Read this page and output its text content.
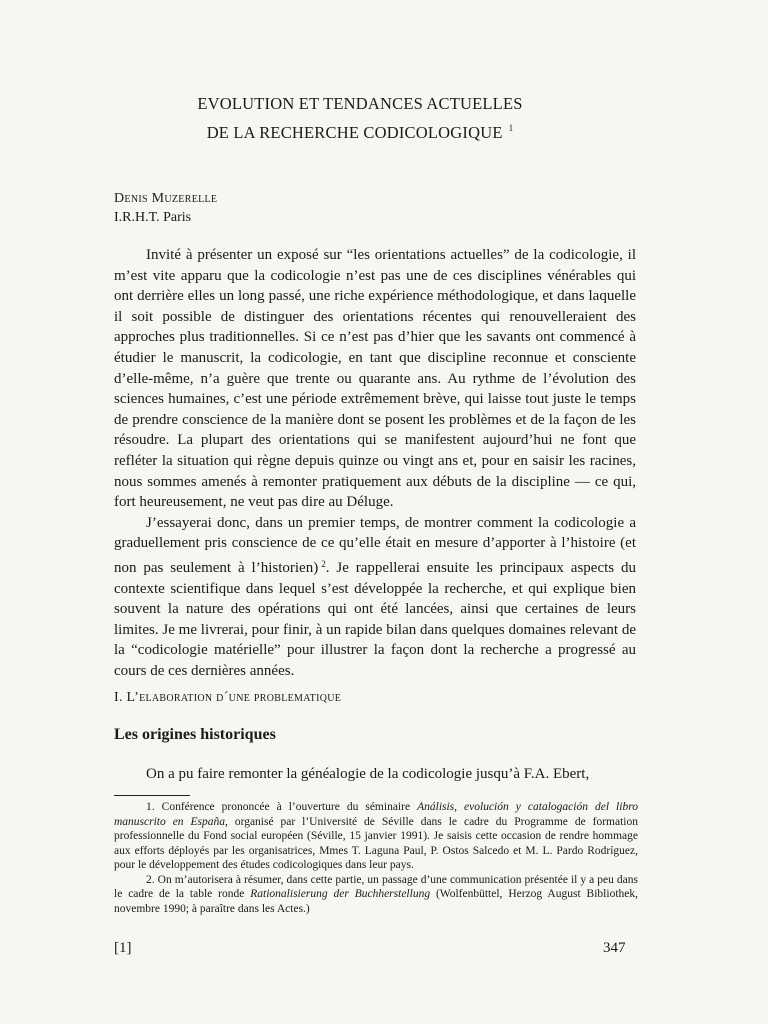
EVOLUTION ET TENDANCES ACTUELLES
DE LA RECHERCHE CODICOLOGIQUE $^1$
Denis Muzerelle
I.R.H.T. Paris

Invité à présenter un exposé sur “les orientations actuelles” de la codicologie, il m’est vite apparu que la codicologie n’est pas une de ces disciplines vénérables qui ont derrière elles un long passé, une riche expérience méthodologique, et dans laquelle il soit possible de distinguer des orientations récentes qui renouvelleraient des approches plus traditionnelles. Si ce n’est pas d’hier que les savants ont commencé à étudier le manuscrit, la codicologie, en tant que discipline reconnue et consciente d’elle-même, n’a guère que trente ou quarante ans. Au rythme de l’évolution des sciences humaines, c’est une période extrêmement brève, qui laisse tout juste le temps de prendre conscience de la manière dont se posent les problèmes et de la façon de les résoudre. La plupart des orientations qui se manifestent aujourd’hui ne font que refléter la situation qui règne depuis quinze ou vingt ans et, pour en saisir les racines, nous sommes amenés à remonter pratiquement aux débuts de la discipline — ce qui, fort heureusement, ne veut pas dire au Déluge.

J’essayerai donc, dans un premier temps, de montrer comment la codicologie a graduellement pris conscience de ce qu’elle était en mesure d’apporter à l’histoire (et non pas seulement à l’historien)  $^2$. Je rappellerai ensuite les principaux aspects du contexte scientifique dans lequel s’est développée la recherche, et qui explique bien souvent la nature des opérations qui ont été lancées, ainsi que certaines de leurs limites. Je me livrerai, pour finir, à un rapide bilan dans quelques domaines relevant de la “codicologie matérielle” pour illustrer la façon dont la recherche a progressé au cours de ces dernières années.

I. L’elaboration d´une problematique
Les origines historiques

On a pu faire remonter la généalogie de la codicologie jusqu’à F.A. Ebert,

1. Conférence prononcée à l’ouverture du séminaire Análisis, evolución y catalogación del libro manuscrito en España, organisé par l’Université de Séville dans le cadre du Programme de formation professionnelle du Fond social européen (Séville, 15 janvier 1991). Je saisis cette occasion de rendre hommage aux efforts déployés par les organisatrices, Mmes T. Laguna Paul, P. Ostos Salcedo et M. L. Pardo Rodríguez, pour le développement des études codicologiques dans leur pays.

2. On m’autorisera à résumer, dans cette partie, un passage d’une communication présentée il y a peu dans le cadre de la table ronde Rationalisierung der Buchherstellung (Wolfenbüttel, Herzog August Bibliothek, novembre 1990; à paraître dans les Actes.)

[1]	347
